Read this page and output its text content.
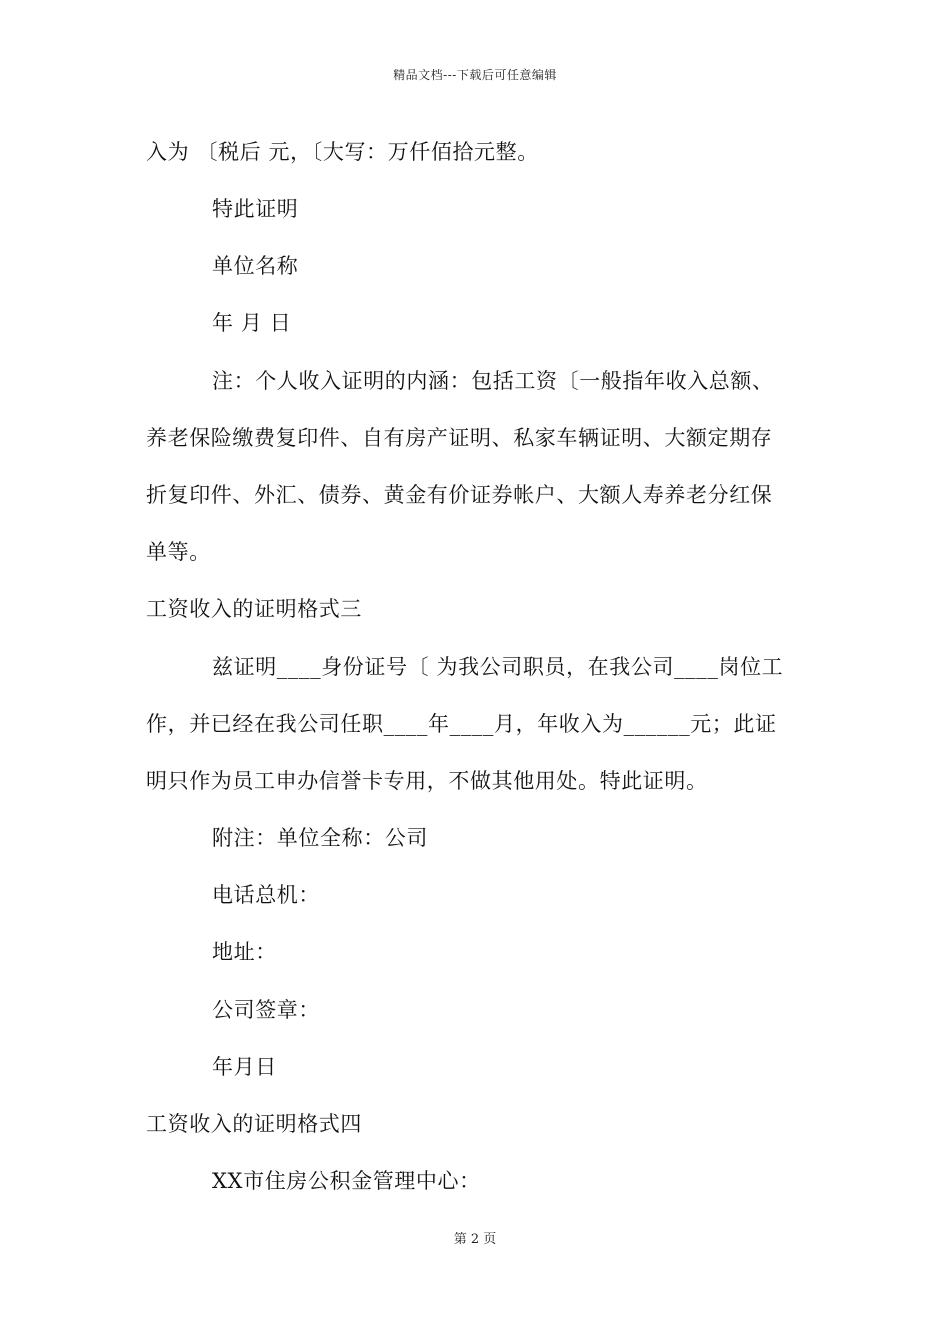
精品文档---下载后可任意编辑
入为 〔税后 元，〔大写：万仟佰拾元整。
特此证明
单位名称
年 月 日
注：个人收入证明的内涵：包括工资〔一般指年收入总额、
养老保险缴费复印件、自有房产证明、私家车辆证明、大额定期存
折复印件、外汇、债券、黄金有价证券帐户、大额人寿养老分红保
单等。
工资收入的证明格式三
兹证明____身份证号〔 为我公司职员，在我公司____岗位工
作，并已经在我公司任职____年____月，年收入为______元；此证
明只作为员工申办信誉卡专用，不做其他用处。特此证明。
附注：单位全称：公司
电话总机：
地址：
公司签章：
年月日
工资收入的证明格式四
XX市住房公积金管理中心：
第 2 页
